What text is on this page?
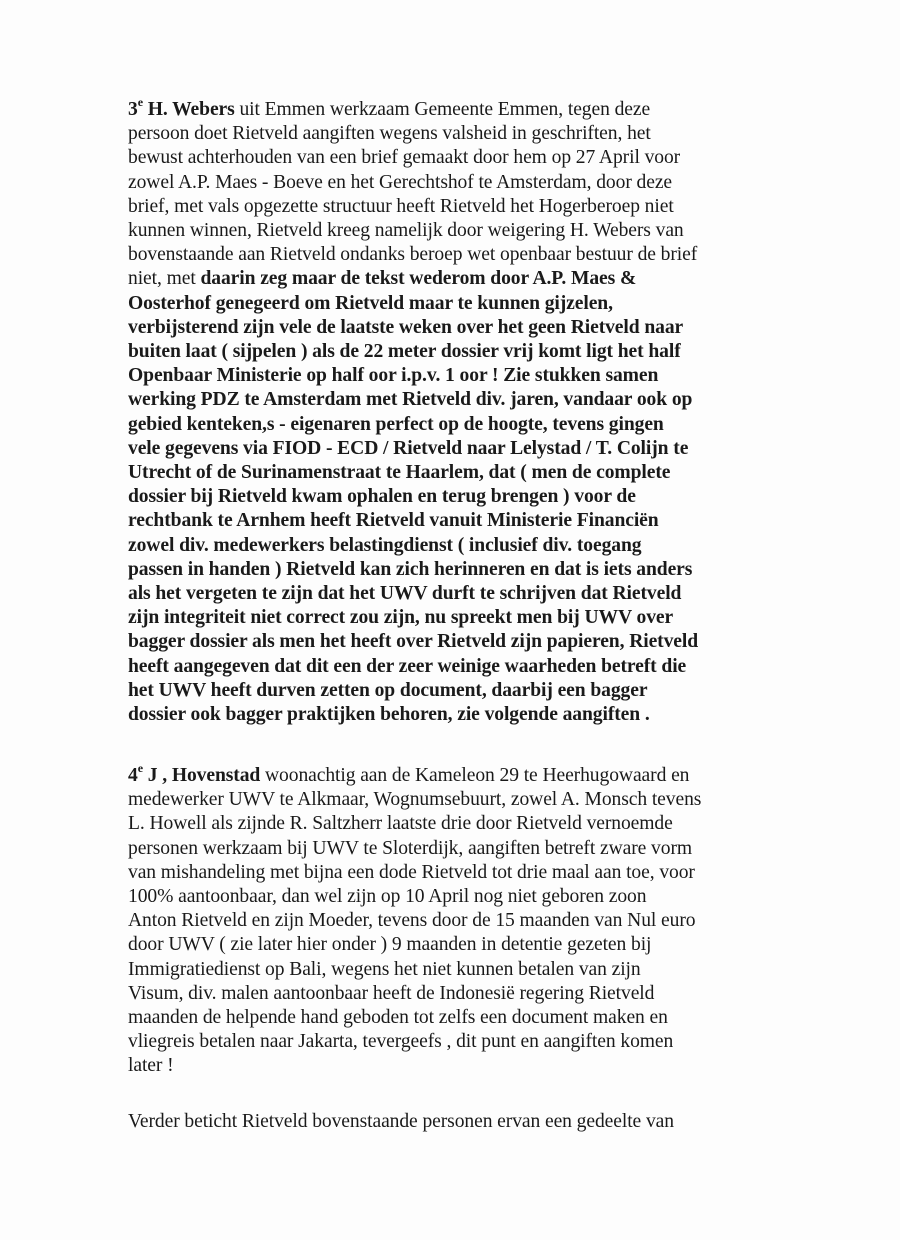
3e H. Webers uit Emmen werkzaam Gemeente Emmen, tegen deze
persoon doet Rietveld aangiften wegens valsheid in geschriften, het
bewust achterhouden van een brief gemaakt door hem op 27 April voor
zowel A.P. Maes - Boeve en het Gerechtshof te Amsterdam, door deze
brief, met vals opgezette structuur heeft Rietveld het Hogerberoep niet
kunnen winnen, Rietveld kreeg namelijk door weigering H. Webers van
bovenstaande aan Rietveld ondanks beroep wet openbaar bestuur de brief
niet, met daarin zeg maar de tekst wederom door A.P. Maes &
Oosterhof genegeerd om Rietveld maar te kunnen gijzelen,
verbijsterend zijn vele de laatste weken over het geen Rietveld naar
buiten laat ( sijpelen ) als de 22 meter dossier vrij komt ligt het half
Openbaar Ministerie op half oor i.p.v. 1 oor ! Zie stukken samen
werking PDZ te Amsterdam met Rietveld div. jaren, vandaar ook op
gebied kenteken,s - eigenaren perfect op de hoogte, tevens gingen
vele gegevens via FIOD - ECD / Rietveld naar Lelystad / T. Colijn te
Utrecht of de Surinamenstraat te Haarlem, dat ( men de complete
dossier bij Rietveld kwam ophalen en terug brengen ) voor de
rechtbank te Arnhem heeft Rietveld vanuit Ministerie Financiën
zowel div. medewerkers belastingdienst ( inclusief div. toegang
passen in handen ) Rietveld kan zich herinneren en dat is iets anders
als het vergeten te zijn dat het UWV durft te schrijven dat Rietveld
zijn integriteit niet correct zou zijn, nu spreekt men bij UWV over
bagger dossier als men het heeft over Rietveld zijn papieren, Rietveld
heeft aangegeven dat dit een der zeer weinige waarheden betreft die
het UWV heeft durven zetten op document, daarbij een bagger
dossier ook bagger praktijken behoren, zie volgende aangiften .
4e J , Hovenstad woonachtig aan de Kameleon 29 te Heerhugowaard en
medewerker UWV te Alkmaar, Wognumsebuurt, zowel A. Monsch tevens
L. Howell als zijnde R. Saltzherr laatste drie door Rietveld vernoemde
personen werkzaam bij UWV te Sloterdijk, aangiften betreft zware vorm
van mishandeling met bijna een dode Rietveld tot drie maal aan toe, voor
100% aantoonbaar, dan wel zijn op 10 April nog niet geboren zoon
Anton Rietveld en zijn Moeder, tevens door de 15 maanden van Nul euro
door UWV ( zie later hier onder ) 9 maanden in detentie gezeten bij
Immigratiedienst op Bali, wegens het niet kunnen betalen van zijn
Visum, div. malen aantoonbaar heeft de Indonesië regering Rietveld
maanden de helpende hand geboden tot zelfs een document maken en
vliegreis betalen naar Jakarta, tevergeefs , dit punt en aangiften komen
later !
Verder beticht Rietveld bovenstaande personen ervan een gedeelte van
